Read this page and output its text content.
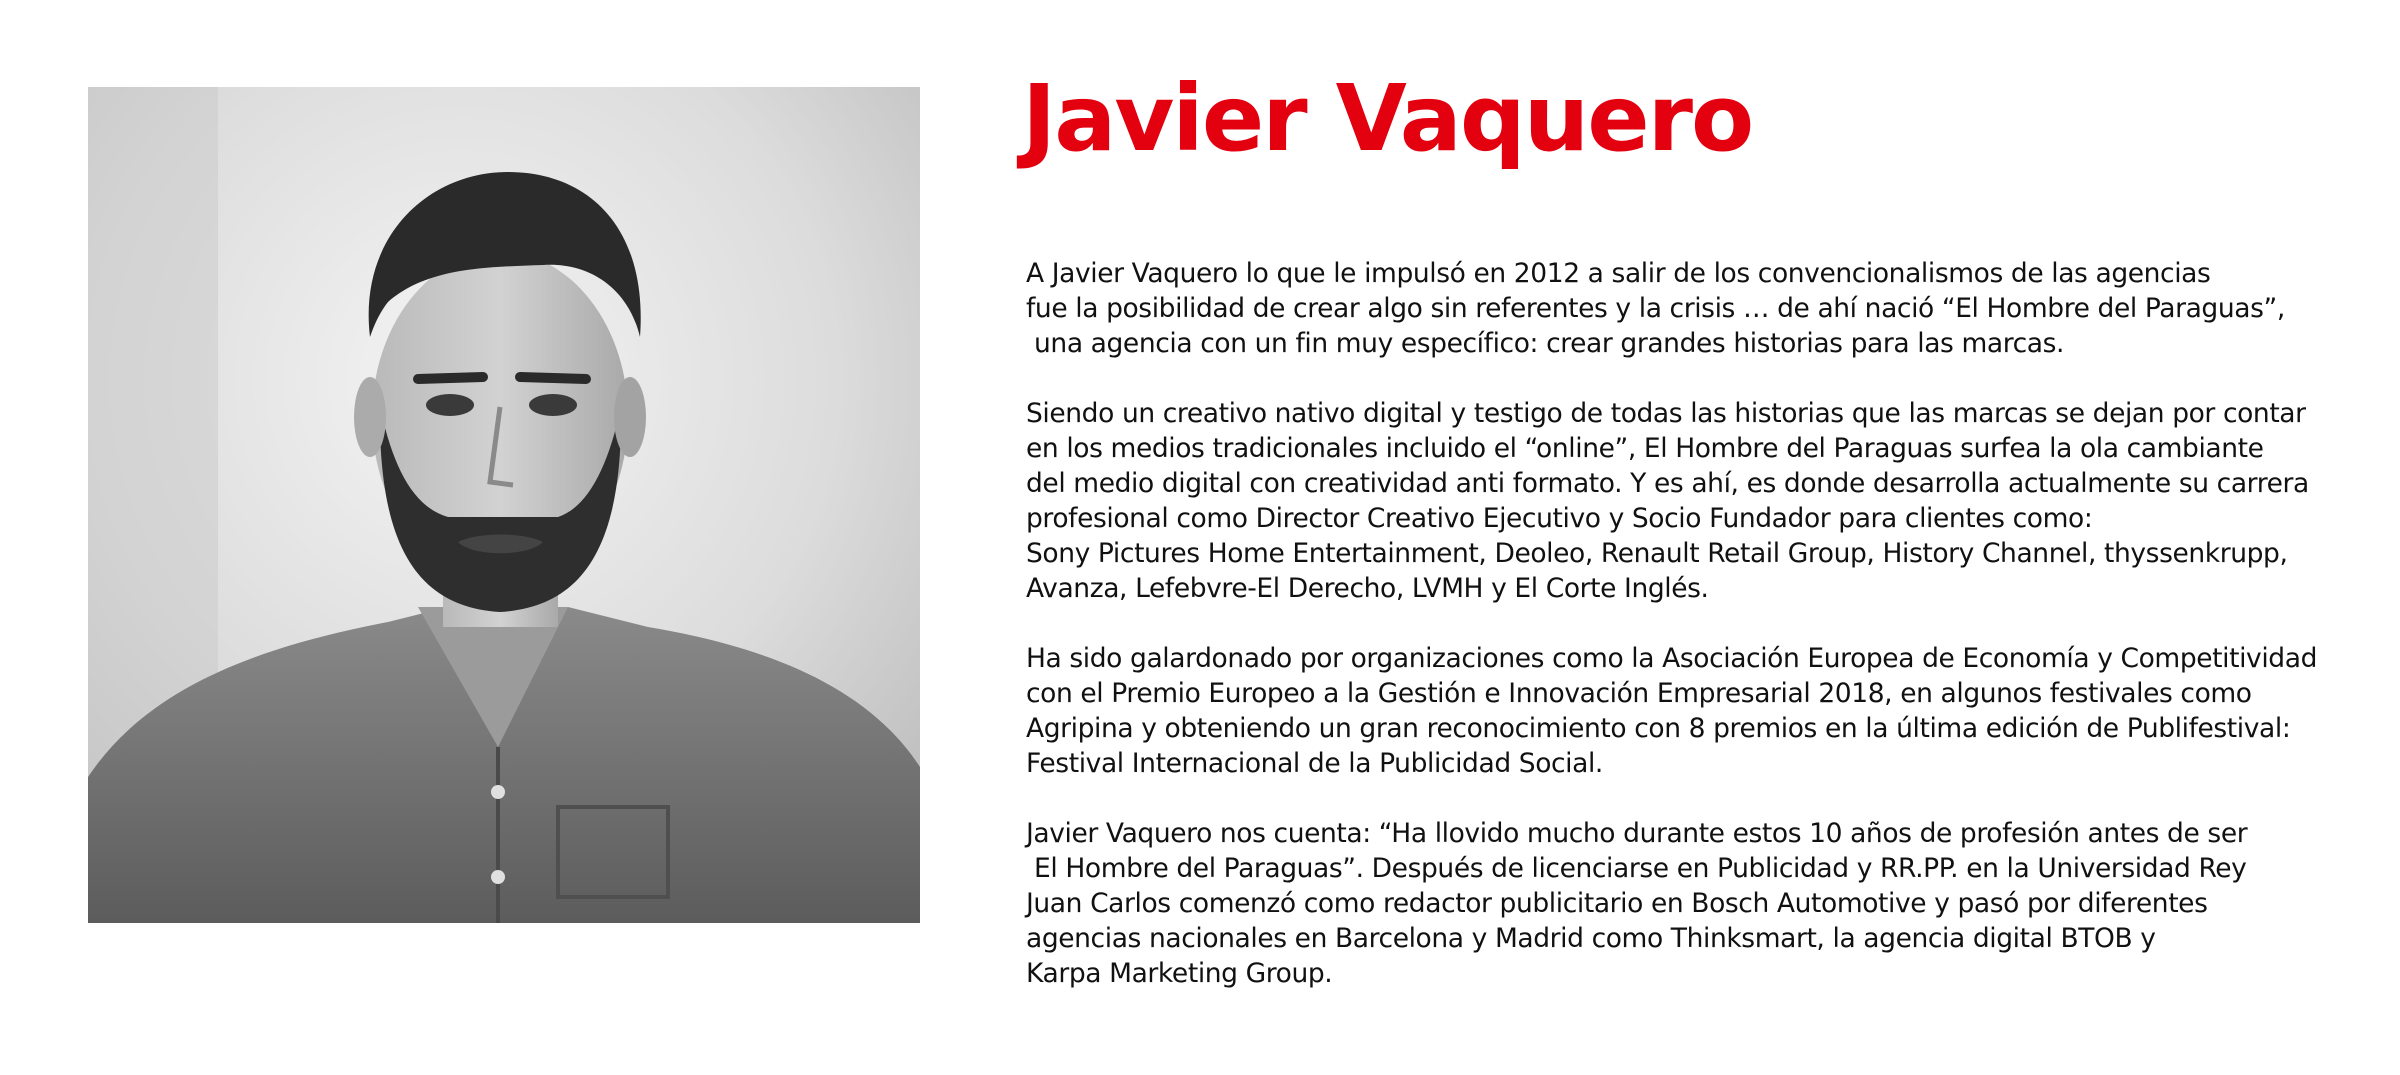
Javier Vaquero

A Javier Vaquero lo que le impulsó en 2012 a salir de los convencionalismos de las agencias
fue la posibilidad de crear algo sin referentes y la crisis … de ahí nació “El Hombre del Paraguas”,
una agencia con un fin muy específico: crear grandes historias para las marcas.

Siendo un creativo nativo digital y testigo de todas las historias que las marcas se dejan por contar
en los medios tradicionales incluido el “online”, El Hombre del Paraguas surfea la ola cambiante
del medio digital con creatividad anti formato. Y es ahí, es donde desarrolla actualmente su carrera
profesional como Director Creativo Ejecutivo y Socio Fundador para clientes como:
Sony Pictures Home Entertainment, Deoleo, Renault Retail Group, History Channel, thyssenkrupp,
Avanza, Lefebvre-El Derecho, LVMH y El Corte Inglés.

Ha sido galardonado por organizaciones como la Asociación Europea de Economía y Competitividad
con el Premio Europeo a la Gestión e Innovación Empresarial 2018, en algunos festivales como
Agripina y obteniendo un gran reconocimiento con 8 premios en la última edición de Publifestival:
Festival Internacional de la Publicidad Social.

Javier Vaquero nos cuenta: “Ha llovido mucho durante estos 10 años de profesión antes de ser
El Hombre del Paraguas”. Después de licenciarse en Publicidad y RR.PP. en la Universidad Rey
Juan Carlos comenzó como redactor publicitario en Bosch Automotive y pasó por diferentes
agencias nacionales en Barcelona y Madrid como Thinksmart, la agencia digital BTOB y
Karpa Marketing Group.
